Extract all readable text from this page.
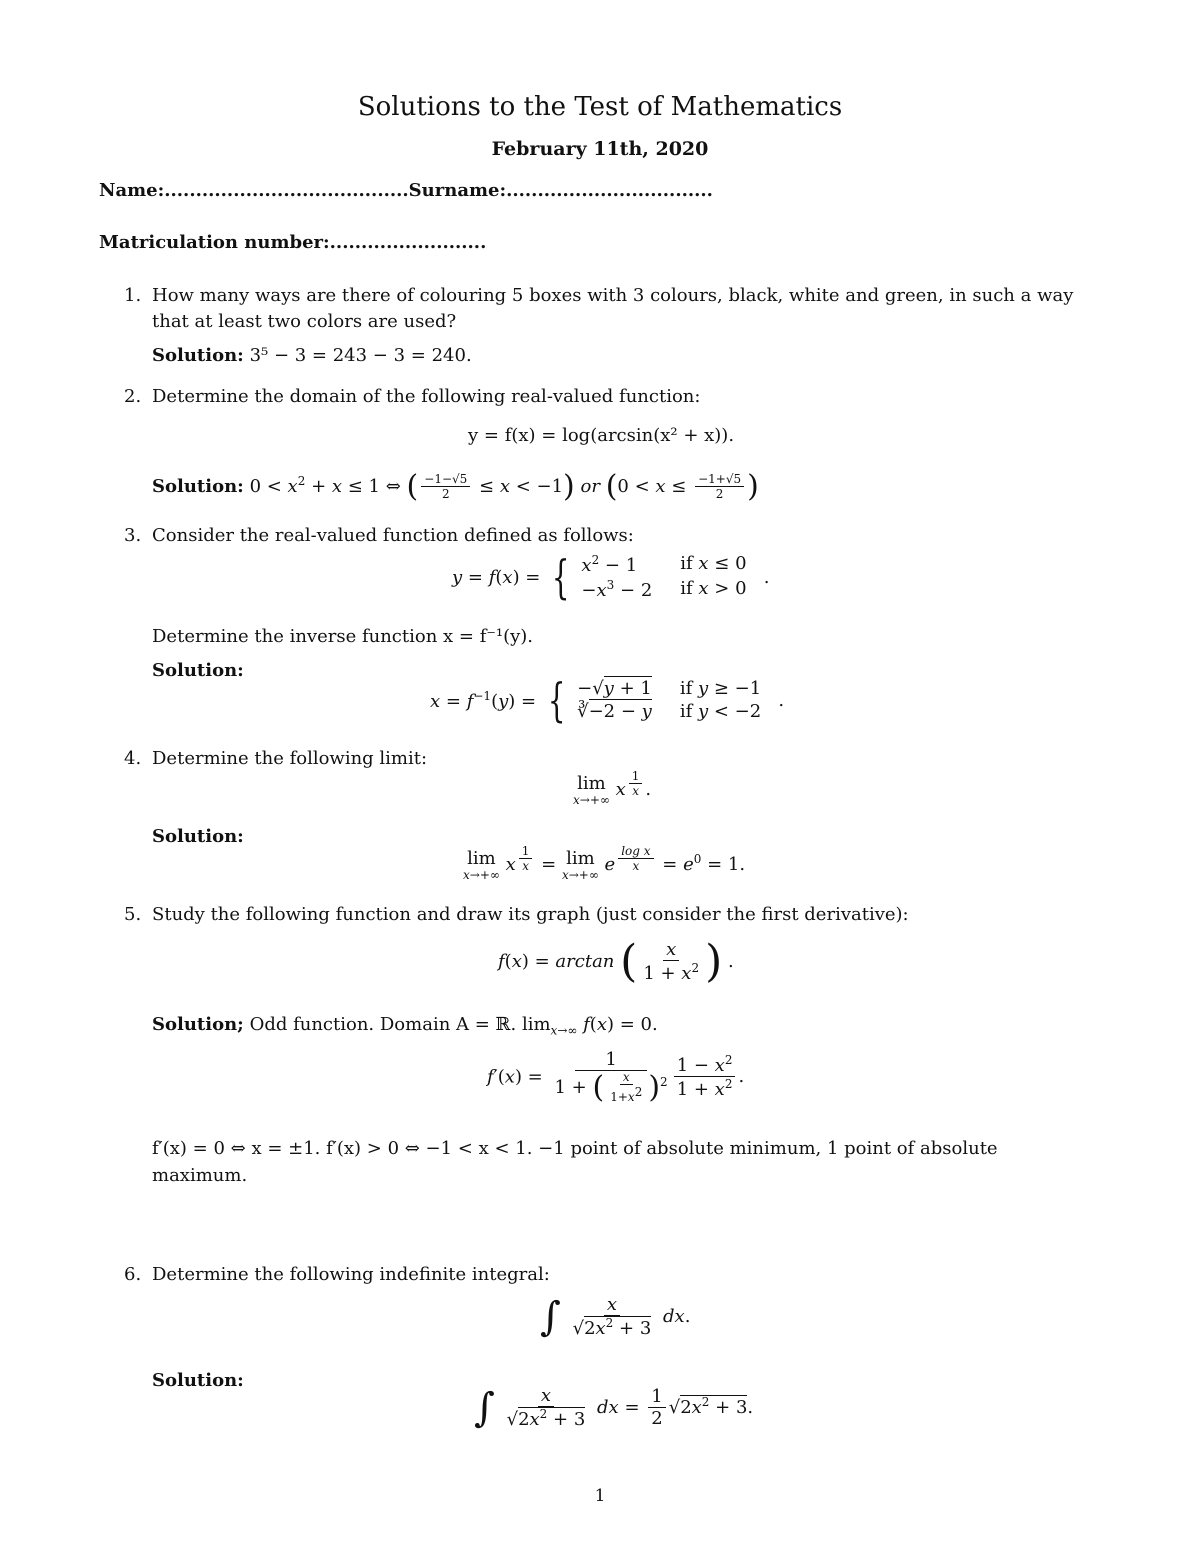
Solutions to the Test of Mathematics
February 11th, 2020
Name:.......................................Surname:.................................
Matriculation number:.........................
1. How many ways are there of colouring 5 boxes with 3 colours, black, white and green, in such a way
that at least two colors are used?
Solution: 3⁵ − 3 = 243 − 3 = 240.
2. Determine the domain of the following real-valued function:
y = f(x) = log(arcsin(x² + x)).
Solution: $0 < x^2 + x \le 1$ ⇔ ( $\frac{-1-√5}{2} \le x < -1$) or ($0 < x \le \frac{-1+√5}{2}$ )
3. Consider the real-valued function defined as follows:
y = f(x) = { $x^2 - 1$	if x ≤ 0
$-x^3 - 2$ if x > 0
.
Determine the inverse function x = f⁻¹(y).
Solution:
$x = f^{-1}(y)$ = { −√y + 1 if y ≥ −1
∛−2 − y if y < −2
.
4. Determine the following limit:
lim
x→+∞
x $^{\frac{1}{x}}$ .
Solution:
lim
x→+∞
x $^{\frac{1}{x}}$ = lim
x→+∞
e $^{\frac{\text{log x}}{x}} = e^0 = 1$.
5. Study the following function and draw its graph (just consider the first derivative):
f(x) = arctan ( $\frac{x}{1 + x^2}$ ) .
Solution; Odd function. Domain A = ℝ. $\lim_{x\to\infty} f(x) = 0$.
$f'(x) = \frac{1}{1 + ( \frac{x}{1+x^2} )^2} \frac{1 - x^2}{1 + x^2}$ .
f′(x) = 0 ⇔ x = ±1. f′(x) > 0 ⇔ −1 < x < 1. −1 point of absolute minimum, 1 point of absolute
maximum.
6. Determine the following indefinite integral:
∫ $\frac{x}{√2x^2 + 3}$ dx.
Solution:
∫ $\frac{x}{√2x^2 + 3}$ dx = $\frac{1}{2} √2x^2 + 3$.
1
